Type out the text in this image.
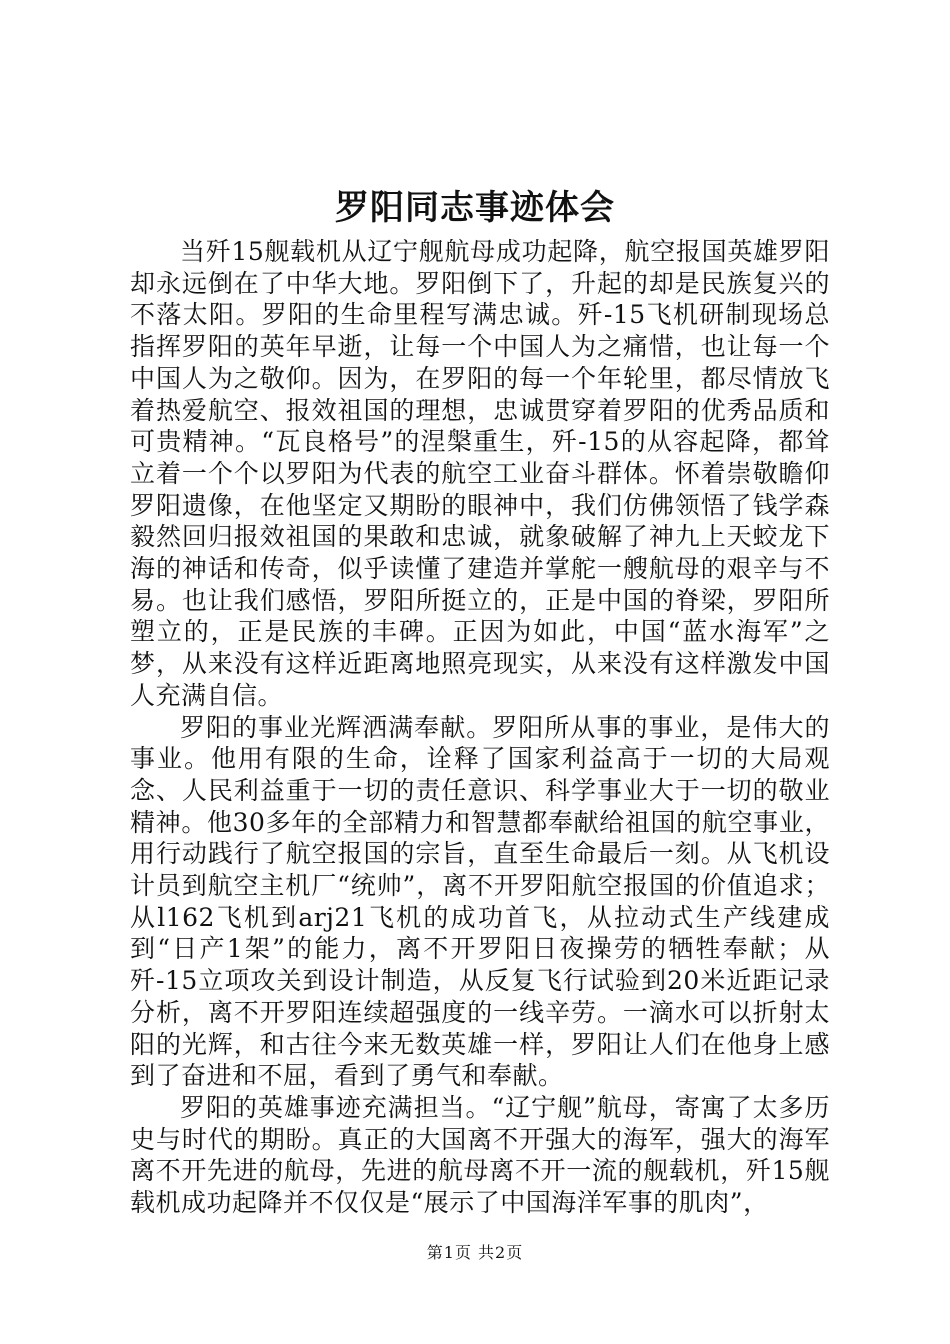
罗阳同志事迹体会

当歼15舰载机从辽宁舰航母成功起降，航空报国英雄罗阳却永远倒在了中华大地。罗阳倒下了，升起的却是民族复兴的不落太阳。罗阳的生命里程写满忠诚。歼-15飞机研制现场总指挥罗阳的英年早逝，让每一个中国人为之痛惜，也让每一个中国人为之敬仰。因为，在罗阳的每一个年轮里，都尽情放飞着热爱航空、报效祖国的理想，忠诚贯穿着罗阳的优秀品质和可贵精神。“瓦良格号”的涅槃重生，歼-15的从容起降，都耸立着一个个以罗阳为代表的航空工业奋斗群体。怀着崇敬瞻仰罗阳遗像，在他坚定又期盼的眼神中，我们仿佛领悟了钱学森毅然回归报效祖国的果敢和忠诚，就象破解了神九上天蛟龙下海的神话和传奇，似乎读懂了建造并掌舵一艘航母的艰辛与不易。也让我们感悟，罗阳所挺立的，正是中国的脊梁，罗阳所塑立的，正是民族的丰碑。正因为如此，中国“蓝水海军”之梦，从来没有这样近距离地照亮现实，从来没有这样激发中国人充满自信。

罗阳的事业光辉洒满奉献。罗阳所从事的事业，是伟大的事业。他用有限的生命，诠释了国家利益高于一切的大局观念、人民利益重于一切的责任意识、科学事业大于一切的敬业精神。他30多年的全部精力和智慧都奉献给祖国的航空事业，用行动践行了航空报国的宗旨，直至生命最后一刻。从飞机设计员到航空主机厂“统帅”，离不开罗阳航空报国的价值追求；从l162飞机到arj21飞机的成功首飞，从拉动式生产线建成到“日产1架”的能力，离不开罗阳日夜操劳的牺牲奉献；从歼-15立项攻关到设计制造，从反复飞行试验到20米近距记录分析，离不开罗阳连续超强度的一线辛劳。一滴水可以折射太阳的光辉，和古往今来无数英雄一样，罗阳让人们在他身上感到了奋进和不屈，看到了勇气和奉献。

罗阳的英雄事迹充满担当。“辽宁舰”航母，寄寓了太多历史与时代的期盼。真正的大国离不开强大的海军，强大的海军离不开先进的航母，先进的航母离不开一流的舰载机，歼15舰载机成功起降并不仅仅是“展示了中国海洋军事的肌肉”，

第1页 共2页
